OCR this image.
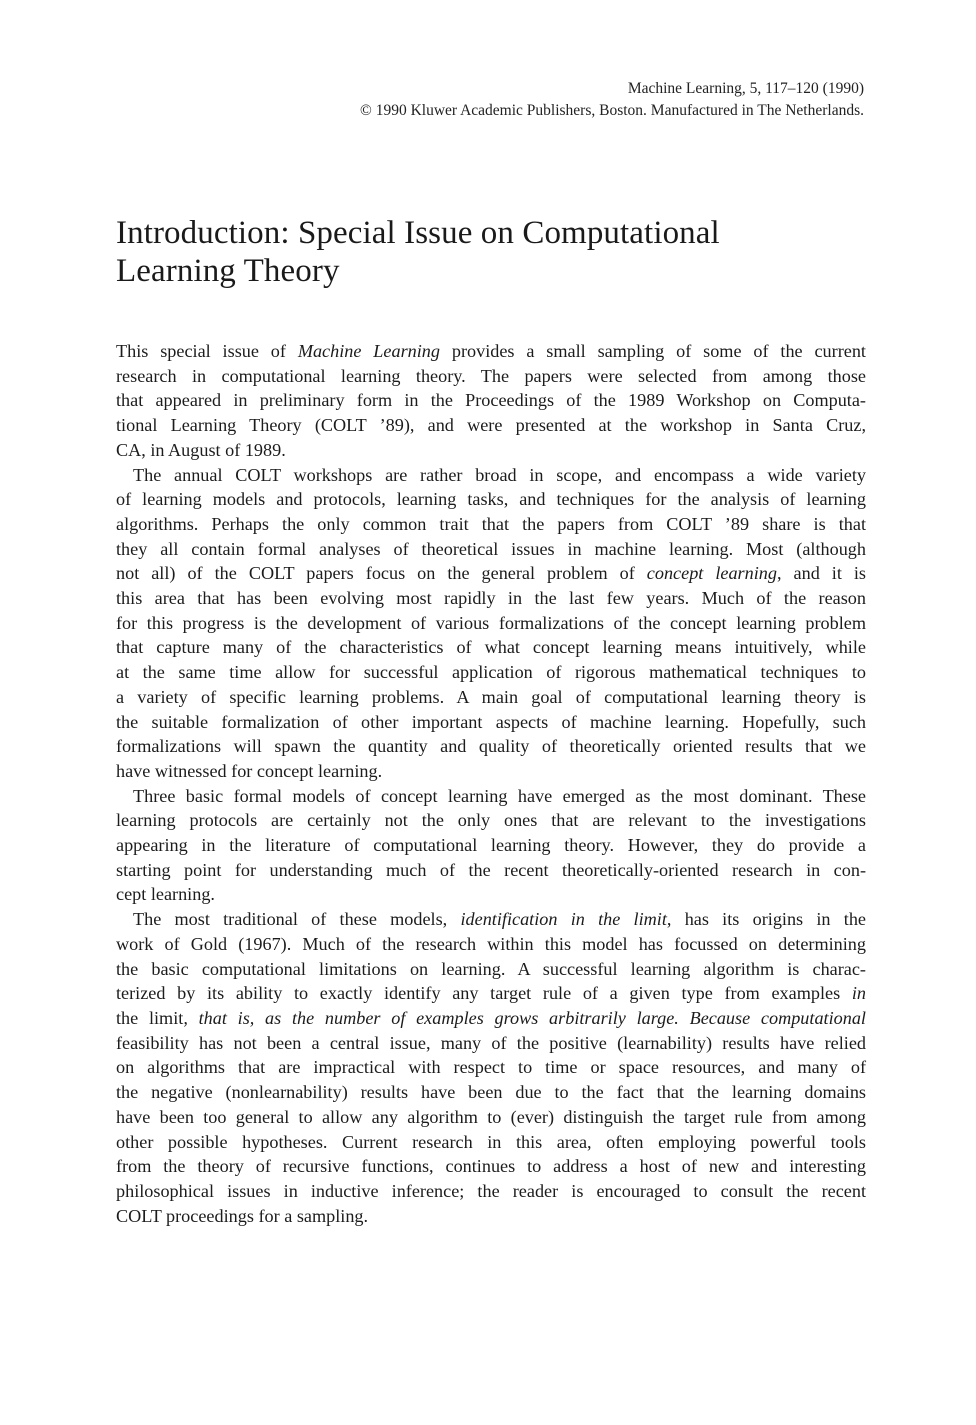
Machine Learning, 5, 117–120 (1990)
© 1990 Kluwer Academic Publishers, Boston. Manufactured in The Netherlands.
Introduction: Special Issue on Computational
Learning Theory
This special issue of Machine Learning provides a small sampling of some of the current
research in computational learning theory. The papers were selected from among those
that appeared in preliminary form in the Proceedings of the 1989 Workshop on Computa-
tional Learning Theory (COLT ’89), and were presented at the workshop in Santa Cruz,
CA, in August of 1989.
The annual COLT workshops are rather broad in scope, and encompass a wide variety
of learning models and protocols, learning tasks, and techniques for the analysis of learning
algorithms. Perhaps the only common trait that the papers from COLT ’89 share is that
they all contain formal analyses of theoretical issues in machine learning. Most (although
not all) of the COLT papers focus on the general problem of concept learning, and it is
this area that has been evolving most rapidly in the last few years. Much of the reason
for this progress is the development of various formalizations of the concept learning problem
that capture many of the characteristics of what concept learning means intuitively, while
at the same time allow for successful application of rigorous mathematical techniques to
a variety of specific learning problems. A main goal of computational learning theory is
the suitable formalization of other important aspects of machine learning. Hopefully, such
formalizations will spawn the quantity and quality of theoretically oriented results that we
have witnessed for concept learning.
Three basic formal models of concept learning have emerged as the most dominant. These
learning protocols are certainly not the only ones that are relevant to the investigations
appearing in the literature of computational learning theory. However, they do provide a
starting point for understanding much of the recent theoretically-oriented research in con-
cept learning.
The most traditional of these models, identification in the limit, has its origins in the
work of Gold (1967). Much of the research within this model has focussed on determining
the basic computational limitations on learning. A successful learning algorithm is charac-
terized by its ability to exactly identify any target rule of a given type from examples in
the limit, that is, as the number of examples grows arbitrarily large. Because computational
feasibility has not been a central issue, many of the positive (learnability) results have relied
on algorithms that are impractical with respect to time or space resources, and many of
the negative (nonlearnability) results have been due to the fact that the learning domains
have been too general to allow any algorithm to (ever) distinguish the target rule from among
other possible hypotheses. Current research in this area, often employing powerful tools
from the theory of recursive functions, continues to address a host of new and interesting
philosophical issues in inductive inference; the reader is encouraged to consult the recent
COLT proceedings for a sampling.
